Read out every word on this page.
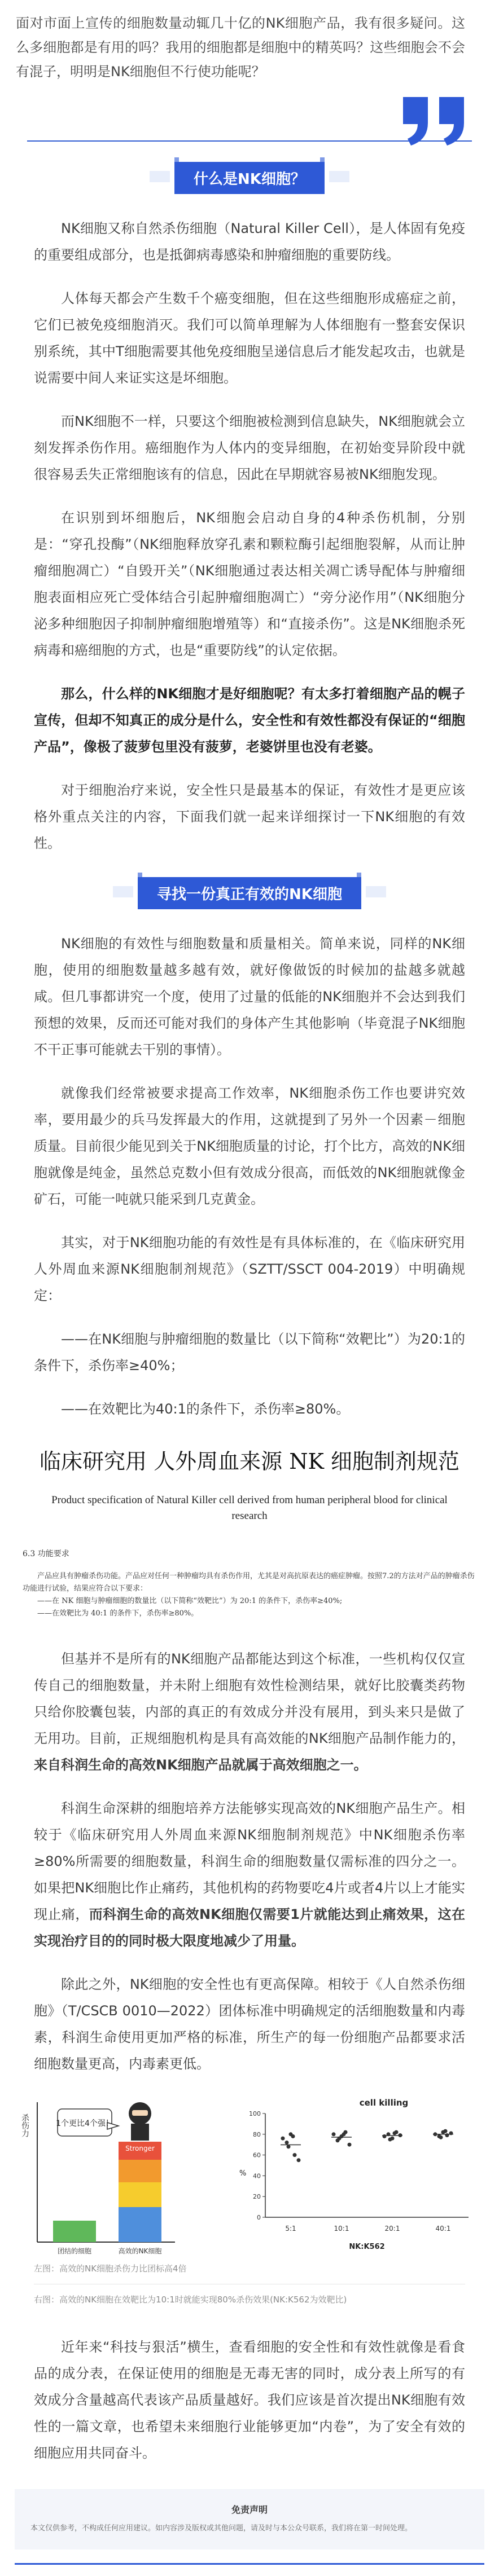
面对市面上宣传的细胞数量动辄几十亿的NK细胞产品，我有很多疑问。这么多细胞都是有用的吗？我用的细胞都是细胞中的精英吗？这些细胞会不会有混子，明明是NK细胞但不行使功能呢？

什么是NK细胞？

NK细胞又称自然杀伤细胞（Natural Killer Cell），是人体固有免疫的重要组成部分，也是抵御病毒感染和肿瘤细胞的重要防线。

人体每天都会产生数千个癌变细胞，但在这些细胞形成癌症之前，它们已被免疫细胞消灭。我们可以简单理解为人体细胞有一整套安保识别系统，其中T细胞需要其他免疫细胞呈递信息后才能发起攻击，也就是说需要中间人来证实这是坏细胞。

而NK细胞不一样，只要这个细胞被检测到信息缺失，NK细胞就会立刻发挥杀伤作用。癌细胞作为人体内的变异细胞，在初始变异阶段中就很容易丢失正常细胞该有的信息，因此在早期就容易被NK细胞发现。

在识别到坏细胞后，NK细胞会启动自身的4种杀伤机制，分别是：“穿孔投酶”（NK细胞释放穿孔素和颗粒酶引起细胞裂解，从而让肿瘤细胞凋亡）“自毁开关”（NK细胞通过表达相关凋亡诱导配体与肿瘤细胞表面相应死亡受体结合引起肿瘤细胞凋亡）“旁分泌作用”（NK细胞分泌多种细胞因子抑制肿瘤细胞增殖等）和“直接杀伤”。这是NK细胞杀死病毒和癌细胞的方式，也是“重要防线”的认定依据。

那么，什么样的NK细胞才是好细胞呢？有太多打着细胞产品的幌子宣传，但却不知真正的成分是什么，安全性和有效性都没有保证的“细胞产品”，像极了菠萝包里没有菠萝，老婆饼里也没有老婆。

对于细胞治疗来说，安全性只是最基本的保证，有效性才是更应该格外重点关注的内容，下面我们就一起来详细探讨一下NK细胞的有效性。

寻找一份真正有效的NK细胞

NK细胞的有效性与细胞数量和质量相关。简单来说，同样的NK细胞，使用的细胞数量越多越有效，就好像做饭的时候加的盐越多就越咸。但几事都讲究一个度，使用了过量的低能的NK细胞并不会达到我们预想的效果，反而还可能对我们的身体产生其他影响（毕竟混子NK细胞不干正事可能就去干别的事情）。

就像我们经常被要求提高工作效率，NK细胞杀伤工作也要讲究效率，要用最少的兵马发挥最大的作用，这就提到了另外一个因素－细胞质量。目前很少能见到关于NK细胞质量的讨论，打个比方，高效的NK细胞就像是纯金，虽然总克数小但有效成分很高，而低效的NK细胞就像金矿石，可能一吨就只能采到几克黄金。

其实，对于NK细胞功能的有效性是有具体标准的，在《临床研究用人外周血来源NK细胞制剂规范》（SZTT/SSCT 004-2019）中明确规定：

——在NK细胞与肿瘤细胞的数量比（以下简称“效靶比”）为20:1的条件下，杀伤率≥40%；

——在效靶比为40:1的条件下，杀伤率≥80%。

临床研究用 人外周血来源 NK 细胞制剂规范
Product specification of Natural Killer cell derived from human peripheral blood for clinical research
6.3 功能要求
产品应具有肿瘤杀伤功能。产品应对任何一种肿瘤均具有杀伤作用，尤其是对高抗原表达的癌症肿瘤。按照7.2的方法对产品的肿瘤杀伤功能进行试验，结果应符合以下要求：
——在 NK 细胞与肿瘤细胞的数量比（以下简称“效靶比”）为 20:1 的条件下，杀伤率≥40%;
——在效靶比为 40:1 的条件下，杀伤率≥80%。

但基并不是所有的NK细胞产品都能达到这个标准，一些机构仅仅宣传自己的细胞数量，并未附上细胞有效性检测结果，就好比胶囊类药物只给你胶囊包装，内部的真正的有效成分并没有展用，到头来只是做了无用功。目前，正规细胞机构是具有高效能的NK细胞产品制作能力的，来自科润生命的高效NK细胞产品就属于高效细胞之一。

科润生命深耕的细胞培养方法能够实现高效的NK细胞产品生产。相较于《临床研究用人外周血来源NK细胞制剂规范》中NK细胞杀伤率≥80%所需要的细胞数量，科润生命的细胞数量仅需标准的四分之一。如果把NK细胞比作止痛药，其他机构的药物要吃4片或者4片以上才能实现止痛，而科润生命的高效NK细胞仅需要1片就能达到止痛效果，这在实现治疗目的的同时极大限度地减少了用量。

除此之外，NK细胞的安全性也有更高保障。相较于《人自然杀伤细胞》（T/CSCB 0010—2022）团体标准中明确规定的活细胞数量和内毒素，科润生命使用更加严格的标准，所生产的每一份细胞产品都要求活细胞数量更高，内毒素更低。

杀伤力
Stronger
1个更比4个强！
团结的细胞	高效的NK细胞
cell killing
%
0
20
40
60
80
100
5:1	10:1	20:1	40:1
NK:K562

左图：高效的NK细胞杀伤力比团标高4倍

右图：高效的NK细胞在效靶比为10:1时就能实现80%杀伤效果(NK:K562为效靶比)

近年来“科技与狠活”横生，查看细胞的安全性和有效性就像是看食品的成分表，在保证使用的细胞是无毒无害的同时，成分表上所写的有效成分含量越高代表该产品质量越好。我们应该是首次提出NK细胞有效性的一篇文章，也希望未来细胞行业能够更加“内卷”，为了安全有效的细胞应用共同奋斗。

免责声明
本文仅供参考，不构成任何应用建议。如内容涉及版权或其他问题，请及时与本公众号联系，我们将在第一时间处理。
